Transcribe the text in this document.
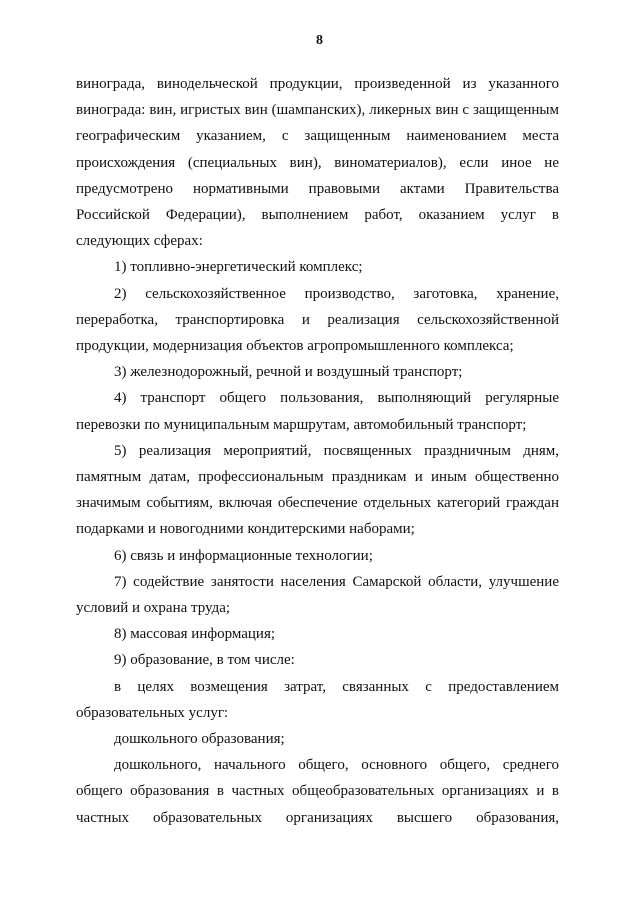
8

винограда, винодельческой продукции, произведенной из указанного винограда: вин, игристых вин (шампанских), ликерных вин с защищенным географическим указанием, с защищенным наименованием места происхождения (специальных вин), виноматериалов), если иное не предусмотрено нормативными правовыми актами Правительства Российской Федерации), выполнением работ, оказанием услуг в следующих сферах:

1) топливно-энергетический комплекс;

2) сельскохозяйственное производство, заготовка, хранение, переработка, транспортировка и реализация сельскохозяйственной продукции, модернизация объектов агропромышленного комплекса;

3) железнодорожный, речной и воздушный транспорт;

4) транспорт общего пользования, выполняющий регулярные перевозки по муниципальным маршрутам, автомобильный транспорт;

5) реализация мероприятий, посвященных праздничным дням, памятным датам, профессиональным праздникам и иным общественно значимым событиям, включая обеспечение отдельных категорий граждан подарками и новогодними кондитерскими наборами;

6) связь и информационные технологии;

7) содействие занятости населения Самарской области, улучшение условий и охрана труда;

8) массовая информация;

9) образование, в том числе:

в целях возмещения затрат, связанных с предоставлением образовательных услуг:

дошкольного образования;

дошкольного, начального общего, основного общего, среднего общего образования в частных общеобразовательных организациях и в частных образовательных организациях высшего образования,
